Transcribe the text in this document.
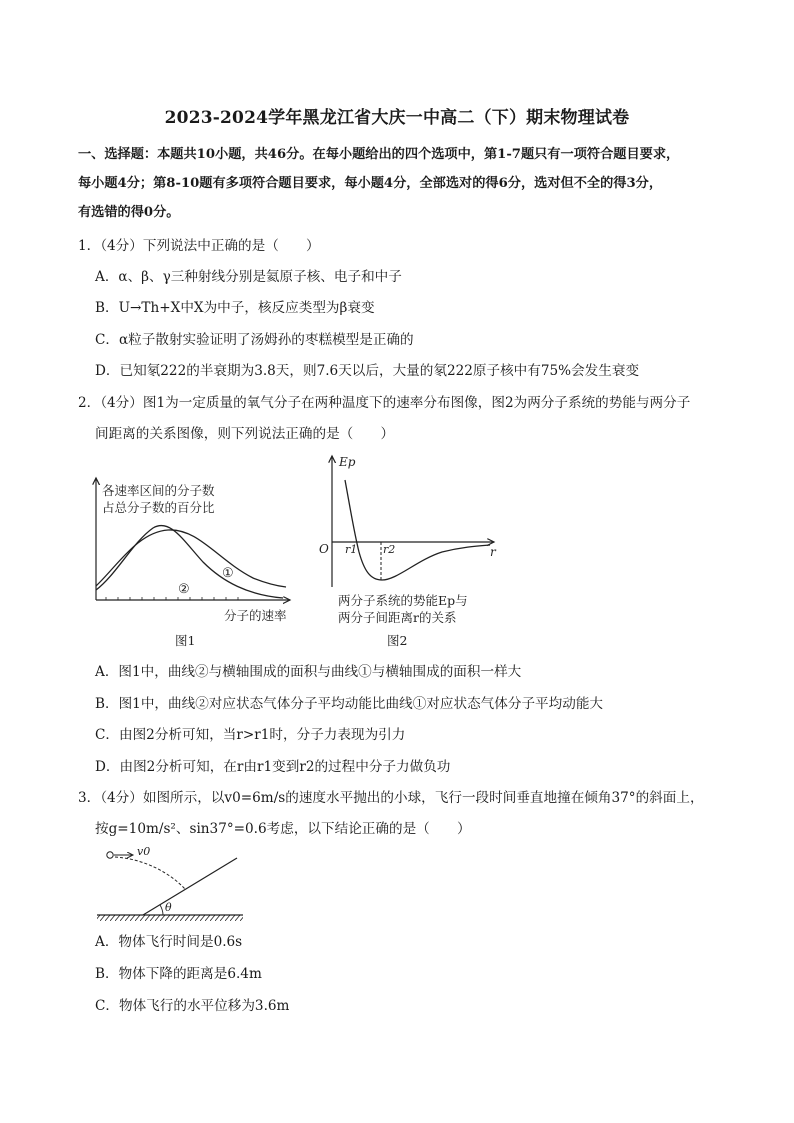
2023-2024学年黑龙江省大庆一中高二（下）期末物理试卷
一、选择题：本题共10小题，共46分。在每小题给出的四个选项中，第1-7题只有一项符合题目要求，
每小题4分；第8-10题有多项符合题目要求，每小题4分，全部选对的得6分，选对但不全的得3分，
有选错的得0分。
1．（4分）下列说法中正确的是（　　）
A．α、β、γ三种射线分别是氦原子核、电子和中子
B．U→Th+X中X为中子，核反应类型为β衰变
C．α粒子散射实验证明了汤姆孙的枣糕模型是正确的
D．已知氡222的半衰期为3.8天，则7.6天以后，大量的氡222原子核中有75%会发生衰变
2．（4分）图1为一定质量的氧气分子在两种温度下的速率分布图像，图2为两分子系统的势能与两分子
间距离的关系图像，则下列说法正确的是（　　）
各速率区间的分子数
占总分子数的百分比
①
②
分子的速率
图1
Ep
O	r
r1 r2
两分子系统的势能Ep与
两分子间距离r的关系
图2
A．图1中，曲线②与横轴围成的面积与曲线①与横轴围成的面积一样大
B．图1中，曲线②对应状态气体分子平均动能比曲线①对应状态气体分子平均动能大
C．由图2分析可知，当r>r1时，分子力表现为引力
D．由图2分析可知，在r由r1变到r2的过程中分子力做负功
3．（4分）如图所示，以v0=6m/s的速度水平抛出的小球，飞行一段时间垂直地撞在倾角37°的斜面上，
按g=10m/s²、sin37°=0.6考虑，以下结论正确的是（　　）
v0
θ
A．物体飞行时间是0.6s
B．物体下降的距离是6.4m
C．物体飞行的水平位移为3.6m
